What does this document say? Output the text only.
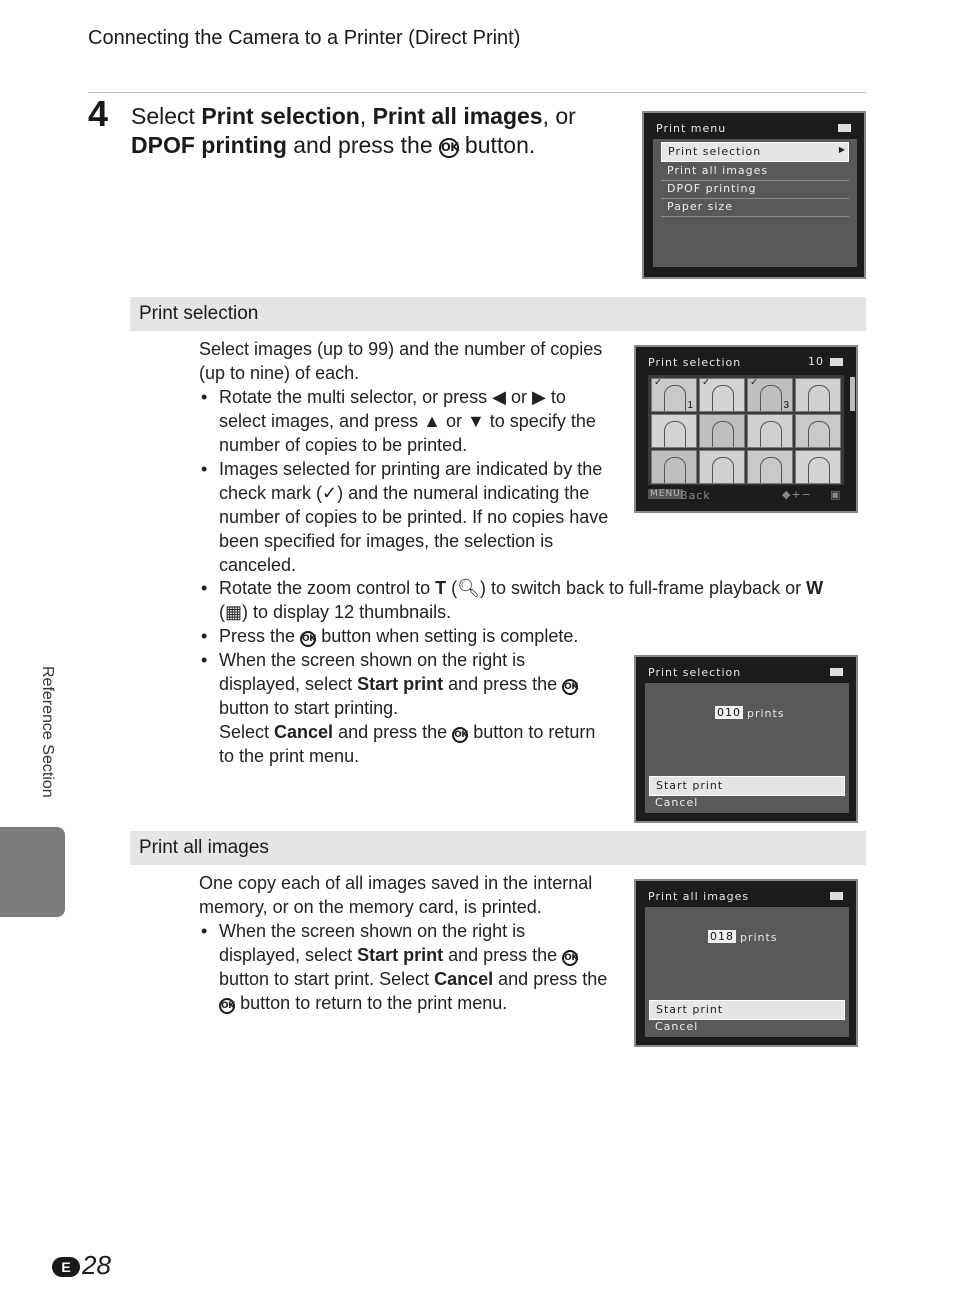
Connecting the Camera to a Printer (Direct Print)
4 Select Print selection, Print all images, or
DPOF printing and press the OK button.
Print menu
Print selection	▶
Print all images
DPOF printing
Paper size
Print selection
Select images (up to 99) and the number of copies (up to nine) of each.
• Rotate the multi selector, or press ◀ or ▶ to select images, and press ▲ or ▼ to specify the number of copies to be printed.
• Images selected for printing are indicated by the check mark (✓) and the numeral indicating the number of copies to be printed. If no copies have been specified for images, the selection is canceled.
• Rotate the zoom control to T (🔍︎) to switch back to full-frame playback or W
(▦) to display 12 thumbnails.
• Press the OK button when setting is complete.
• When the screen shown on the right is displayed, select Start print and press the OK button to start printing.
Select Cancel and press the OK button to return to the print menu.
Print selection	10
✓
1
✓	✓
3
MENU Back	◆+− ▣
Print selection
010 prints
Start print
Cancel
Print all images
One copy each of all images saved in the internal memory, or on the memory card, is printed.
• When the screen shown on the right is displayed, select Start print and press the OK button to start print. Select Cancel and press the
OK button to return to the print menu.
Print all images
018 prints
Start print
Cancel
Reference Section
E 28
